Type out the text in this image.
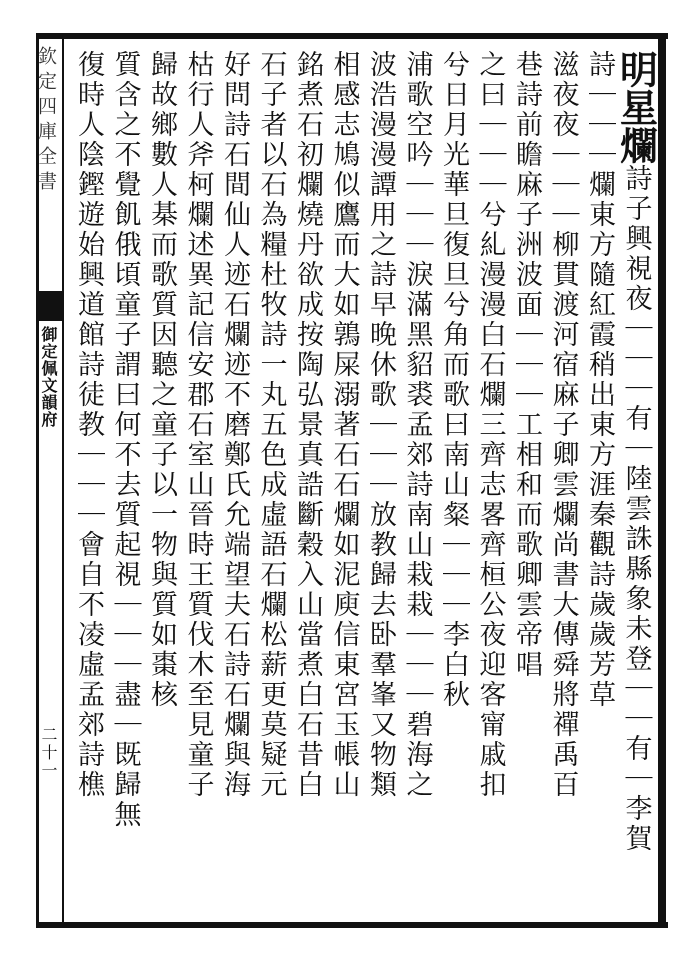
欽定四庫全書
御定佩文韻府
二十一
明星爛詩子興視夜｜｜｜有｜陸雲誅縣象未登｜｜有｜李賀
詩｜｜｜爛東方隨紅霞稍出東方涯秦觀詩歲歲芳草
滋夜夜｜｜｜柳貫渡河宿麻子卿雲爛尚書大傳舜將禪禹百
巷詩前瞻麻子洲波面｜｜｜工相和而歌卿雲帝唱
之曰｜｜｜兮糺漫漫白石爛三齊志畧齊桓公夜迎客甯戚扣
兮日月光華旦復旦兮角而歌曰南山粲｜｜｜李白秋
浦歌空吟｜｜｜淚滿黑貂裘孟郊詩南山栽栽｜｜｜碧海之
波浩漫漫譚用之詩早晚休歌｜｜｜放教歸去卧羣峯又物類
相感志鳩似鷹而大如鶉屎溺著石石爛如泥庾信東宮玉帳山
銘煮石初爛燒丹欲成按陶弘景真誥斷穀入山當煮白石昔白
石子者以石為糧杜牧詩一丸五色成虛語石爛松薪更莫疑元
好問詩石間仙人迹石爛迹不磨鄭氏允端望夫石詩石爛與海
枯行人斧柯爛述異記信安郡石室山晉時王質伐木至見童子
歸故鄉數人棊而歌質因聽之童子以一物與質如棗核
質含之不覺飢俄頃童子謂曰何不去質起視｜｜｜盡｜既歸無
復時人陰鏗遊始興道館詩徒教｜｜｜會自不凌虛孟郊詩樵
